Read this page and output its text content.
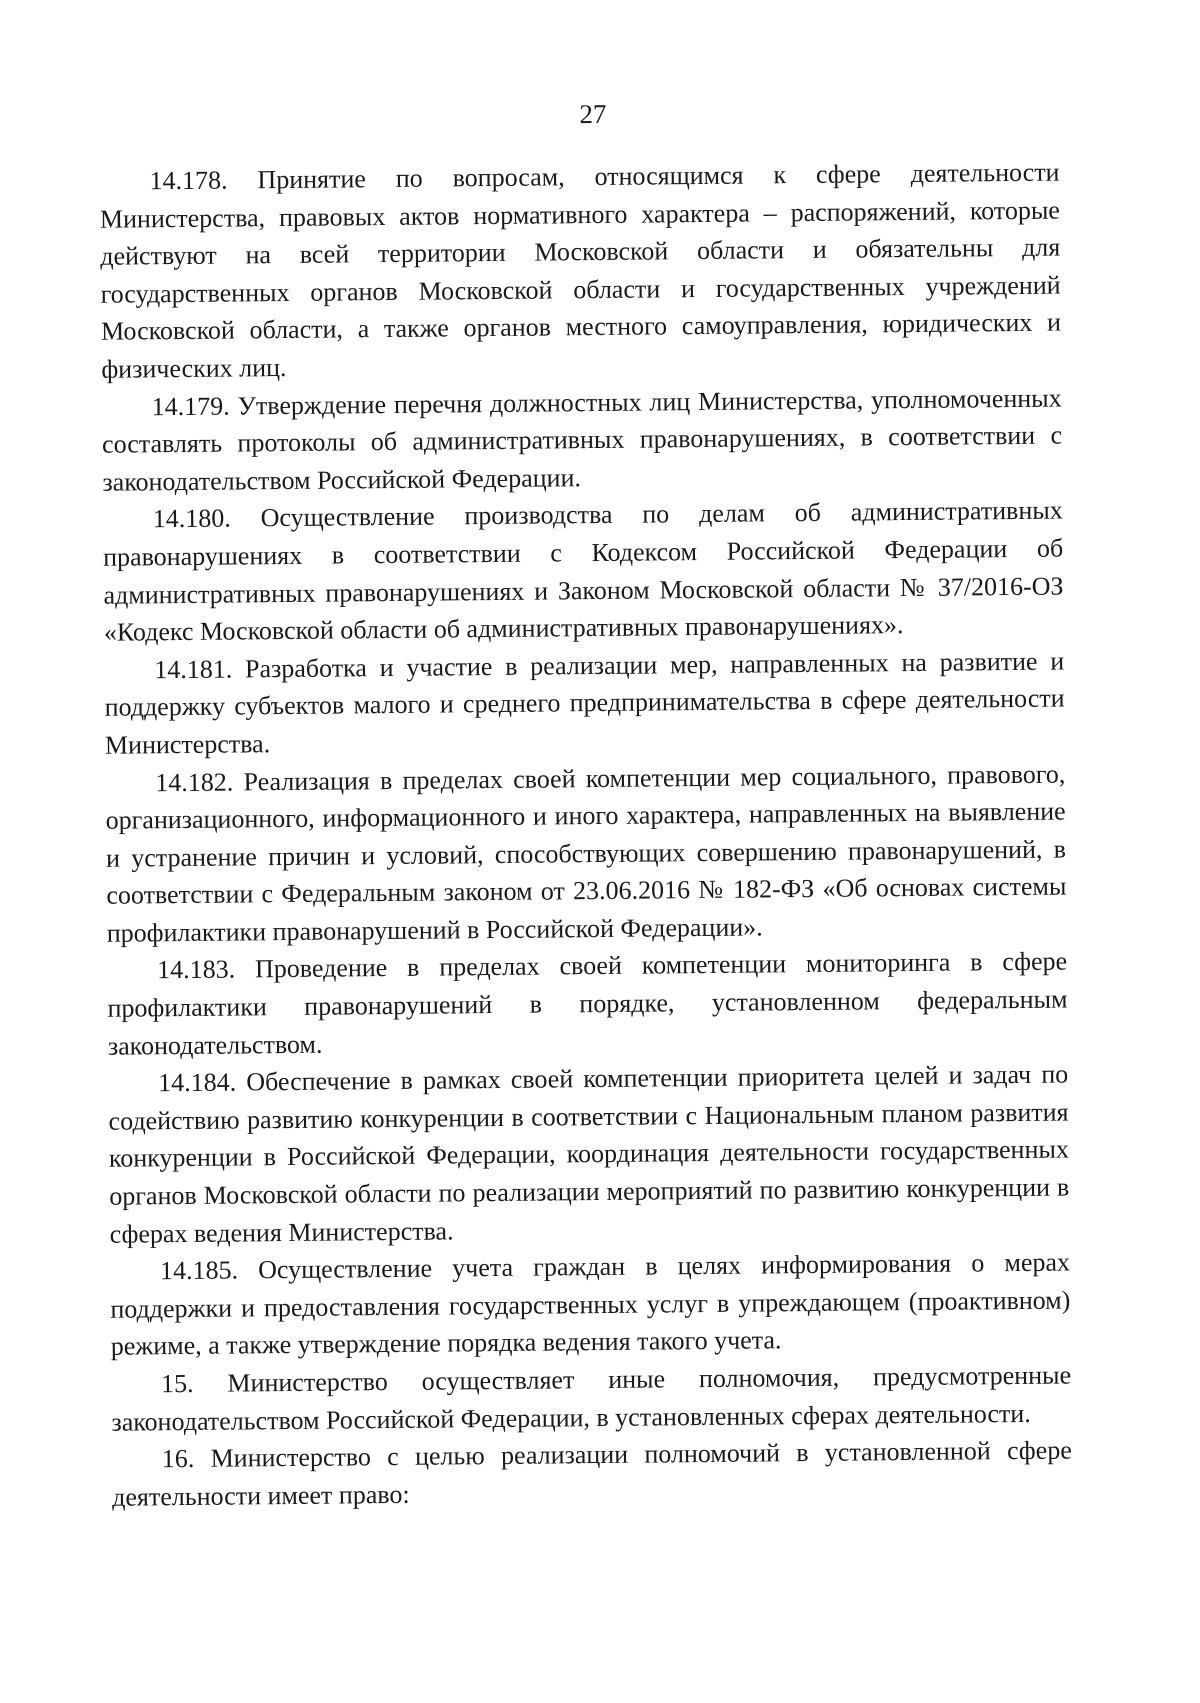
27

14.178. Принятие по вопросам, относящимся к сфере деятельности Министерства, правовых актов нормативного характера – распоряжений, которые действуют на всей территории Московской области и обязательны для государственных органов Московской области и государственных учреждений Московской области, а также органов местного самоуправления, юридических и физических лиц.

14.179. Утверждение перечня должностных лиц Министерства, уполномоченных составлять протоколы об административных правонарушениях, в соответствии с законодательством Российской Федерации.

14.180. Осуществление производства по делам об административных правонарушениях в соответствии с Кодексом Российской Федерации об административных правонарушениях и Законом Московской области № 37/2016-ОЗ «Кодекс Московской области об административных правонарушениях».

14.181. Разработка и участие в реализации мер, направленных на развитие и поддержку субъектов малого и среднего предпринимательства в сфере деятельности Министерства.

14.182. Реализация в пределах своей компетенции мер социального, правового, организационного, информационного и иного характера, направленных на выявление и устранение причин и условий, способствующих совершению правонарушений, в соответствии с Федеральным законом от 23.06.2016 № 182-ФЗ «Об основах системы профилактики правонарушений в Российской Федерации».

14.183. Проведение в пределах своей компетенции мониторинга в сфере профилактики правонарушений в порядке, установленном федеральным законодательством.

14.184. Обеспечение в рамках своей компетенции приоритета целей и задач по содействию развитию конкуренции в соответствии с Национальным планом развития конкуренции в Российской Федерации, координация деятельности государственных органов Московской области по реализации мероприятий по развитию конкуренции в сферах ведения Министерства.

14.185. Осуществление учета граждан в целях информирования о мерах поддержки и предоставления государственных услуг в упреждающем (проактивном) режиме, а также утверждение порядка ведения такого учета.

15. Министерство осуществляет иные полномочия, предусмотренные законодательством Российской Федерации, в установленных сферах деятельности.

16. Министерство с целью реализации полномочий в установленной сфере деятельности имеет право:
